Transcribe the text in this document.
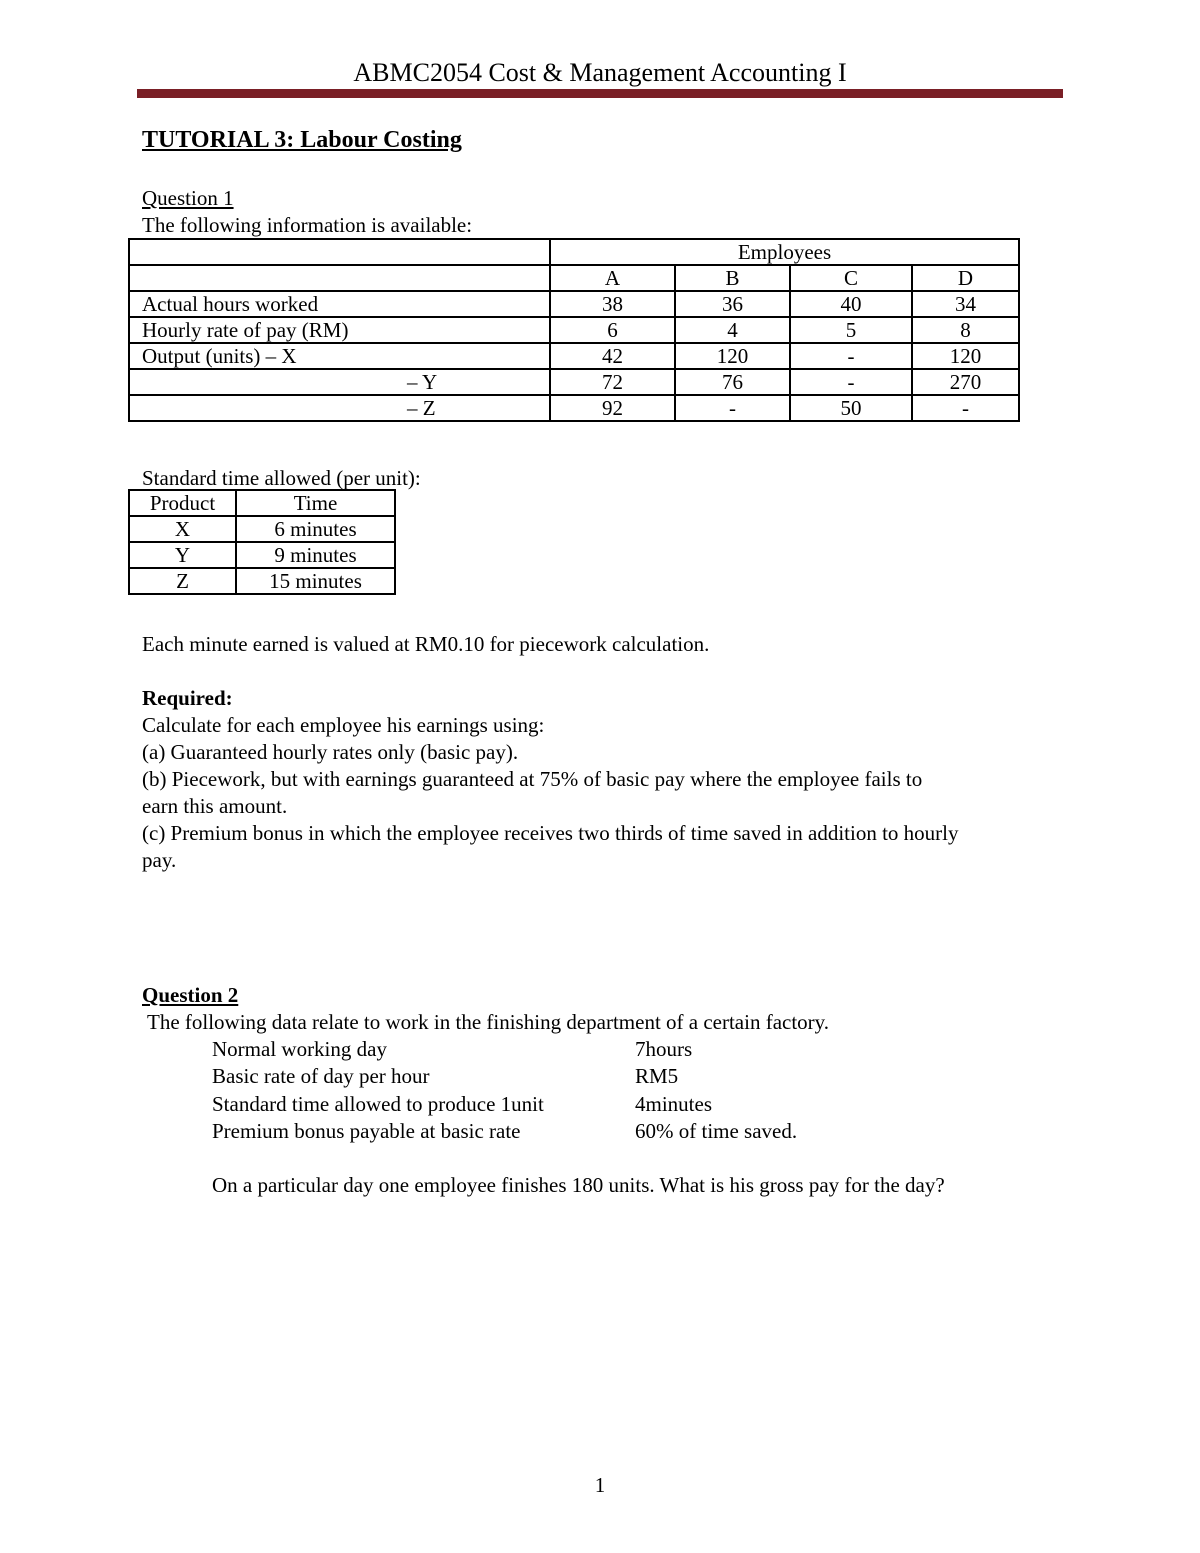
ABMC2054 Cost & Management Accounting I
TUTORIAL 3: Labour Costing
Question 1
The following information is available:
	Employees			
	A	B	C	D
Actual hours worked	38	36	40	34
Hourly rate of pay (RM)	6	4	5	8
Output (units) – X	42	120	-	120
– Y	72	76	-	270
– Z	92	-	50	-
Standard time allowed (per unit):
Product	Time
X	6 minutes
Y	9 minutes
Z	15 minutes
Each minute earned is valued at RM0.10 for piecework calculation.
Required:
Calculate for each employee his earnings using:
(a) Guaranteed hourly rates only (basic pay).
(b) Piecework, but with earnings guaranteed at 75% of basic pay where the employee fails to
earn this amount.
(c) Premium bonus in which the employee receives two thirds of time saved in addition to hourly
pay.
Question 2
The following data relate to work in the finishing department of a certain factory.
Normal working day	7hours
Basic rate of day per hour	RM5
Standard time allowed to produce 1unit	4minutes
Premium bonus payable at basic rate	60% of time saved.
On a particular day one employee finishes 180 units. What is his gross pay for the day?
1
